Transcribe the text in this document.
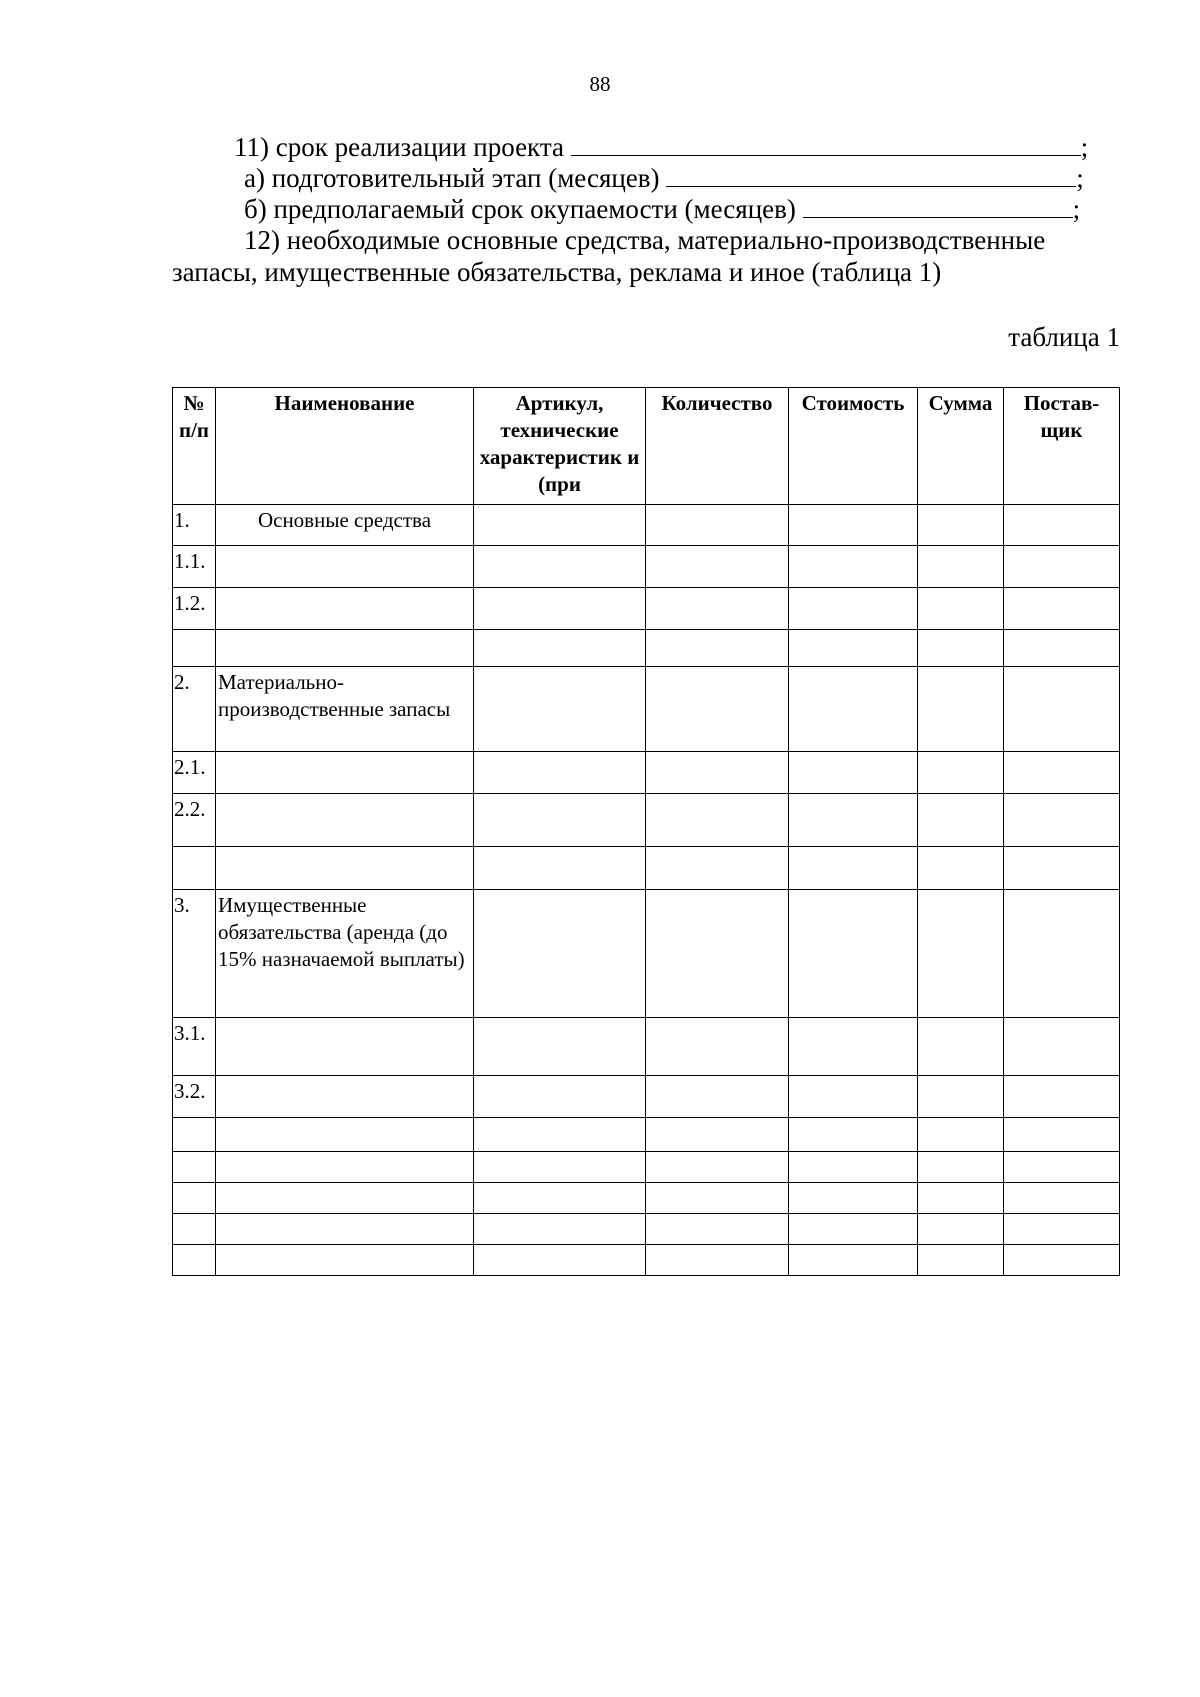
88
11) срок реализации проекта	;
а) подготовительный этап (месяцев)	;
б) предполагаемый срок окупаемости (месяцев)	;
12) необходимые основные средства, материально-производственные
запасы, имущественные обязательства, реклама и иное (таблица 1)
таблица 1
№ п/п	Наименование	Артикул, технические характеристик и (при	Количество	Стоимость	Сумма	Постав-щик
1.	Основные средства					
1.1.						
1.2.						

2.	Материально-производственные запасы					
2.1.						
2.2.						

3.	Имущественные обязательства (аренда (до 15% назначаемой выплаты)					
3.1.						
3.2.						
